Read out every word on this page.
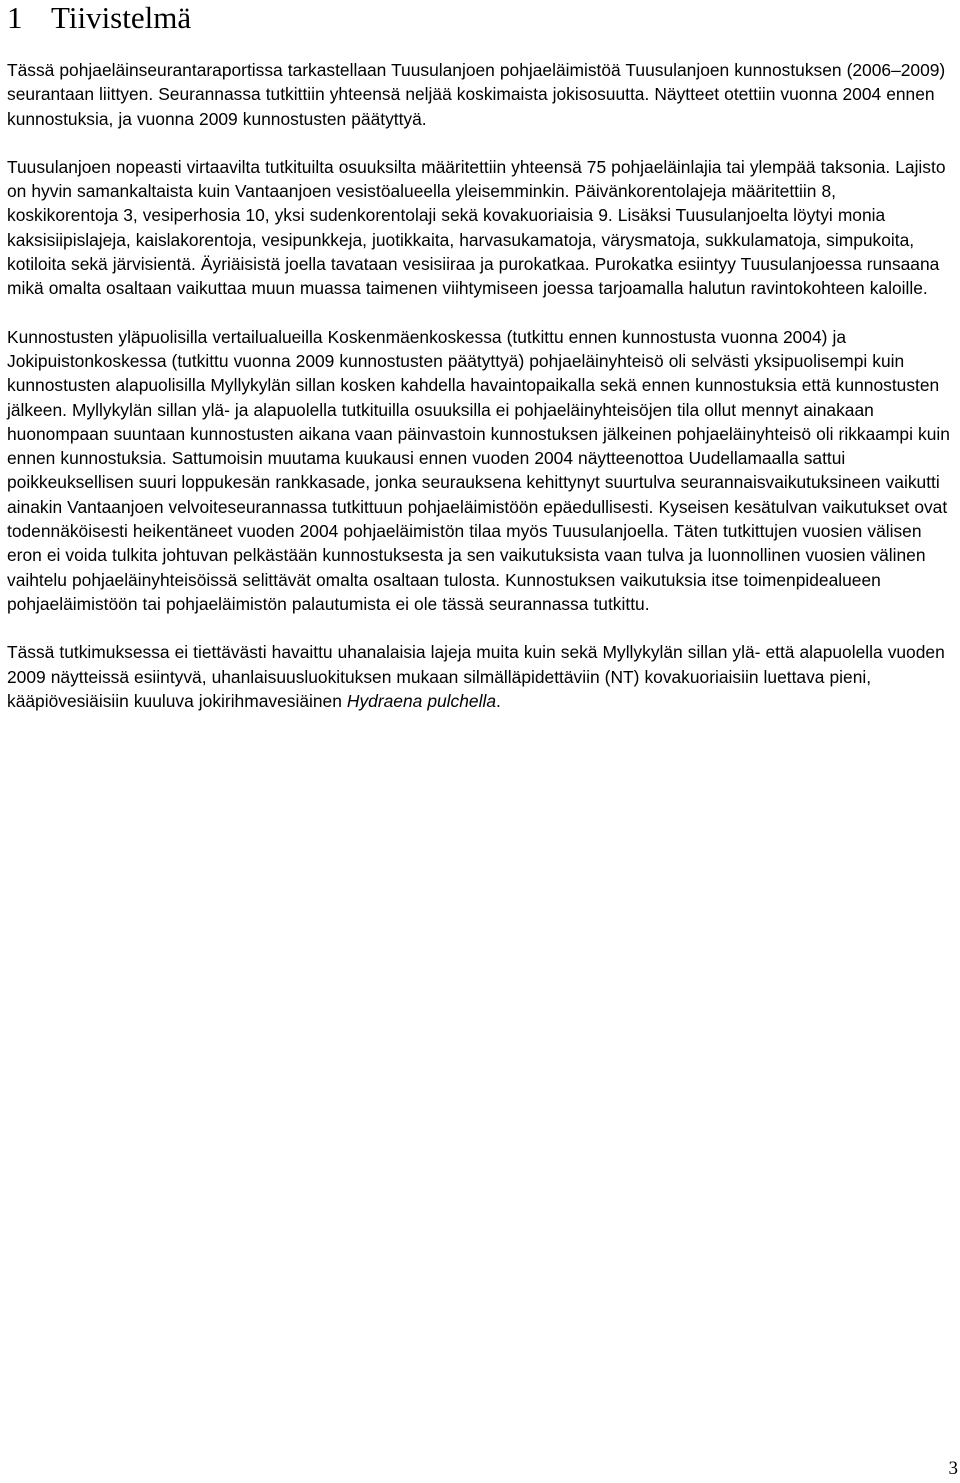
1 Tiivistelmä

Tässä pohjaeläinseurantaraportissa tarkastellaan Tuusulanjoen pohjaeläimistöä Tuusulanjoen kunnostuksen (2006–2009) seurantaan liittyen. Seurannassa tutkittiin yhteensä neljää koskimaista jokisosuutta. Näytteet otettiin vuonna 2004 ennen kunnostuksia, ja vuonna 2009 kunnostusten päätyttyä.

Tuusulanjoen nopeasti virtaavilta tutkituilta osuuksilta määritettiin yhteensä 75 pohjaeläinlajia tai ylempää taksonia. Lajisto on hyvin samankaltaista kuin Vantaanjoen vesistöalueella yleisemminkin. Päivänkorentolajeja määritettiin 8, koskikorentoja 3, vesiperhosia 10, yksi sudenkorentolaji sekä kovakuoriaisia 9. Lisäksi Tuusulanjoelta löytyi monia kaksisiipislajeja, kaislakorentoja, vesipunkkeja, juotikkaita, harvasukamatoja, värysmatoja, sukkulamatoja, simpukoita, kotiloita sekä järvisientä. Äyriäisistä joella tavataan vesisiiraa ja purokatkaa. Purokatka esiintyy Tuusulanjoessa runsaana mikä omalta osaltaan vaikuttaa muun muassa taimenen viihtymiseen joessa tarjoamalla halutun ravintokohteen kaloille.

Kunnostusten yläpuolisilla vertailualueilla Koskenmäenkoskessa (tutkittu ennen kunnostusta vuonna 2004) ja Jokipuistonkoskessa (tutkittu vuonna 2009 kunnostusten päätyttyä) pohjaeläinyhteisö oli selvästi yksipuolisempi kuin kunnostusten alapuolisilla Myllykylän sillan kosken kahdella havaintopaikalla sekä ennen kunnostuksia että kunnostusten jälkeen. Myllykylän sillan ylä- ja alapuolella tutkituilla osuuksilla ei pohjaeläinyhteisöjen tila ollut mennyt ainakaan huonompaan suuntaan kunnostusten aikana vaan päinvastoin kunnostuksen jälkeinen pohjaeläinyhteisö oli rikkaampi kuin ennen kunnostuksia. Sattumoisin muutama kuukausi ennen vuoden 2004 näytteenottoa Uudellamaalla sattui poikkeuksellisen suuri loppukesän rankkasade, jonka seurauksena kehittynyt suurtulva seurannaisvaikutuksineen vaikutti ainakin Vantaanjoen velvoiteseurannassa tutkittuun pohjaeläimistöön epäedullisesti. Kyseisen kesätulvan vaikutukset ovat todennäköisesti heikentäneet vuoden 2004 pohjaeläimistön tilaa myös Tuusulanjoella. Täten tutkittujen vuosien välisen eron ei voida tulkita johtuvan pelkästään kunnostuksesta ja sen vaikutuksista vaan tulva ja luonnollinen vuosien välinen vaihtelu pohjaeläinyhteisöissä selittävät omalta osaltaan tulosta. Kunnostuksen vaikutuksia itse toimenpidealueen pohjaeläimistöön tai pohjaeläimistön palautumista ei ole tässä seurannassa tutkittu.

Tässä tutkimuksessa ei tiettävästi havaittu uhanalaisia lajeja muita kuin sekä Myllykylän sillan ylä- että alapuolella vuoden 2009 näytteissä esiintyvä, uhanlaisuusluokituksen mukaan silmälläpidettäviin (NT) kovakuoriaisiin luettava pieni, kääpiövesiäisiin kuuluva jokirihmavesiäinen Hydraena pulchella.

3
